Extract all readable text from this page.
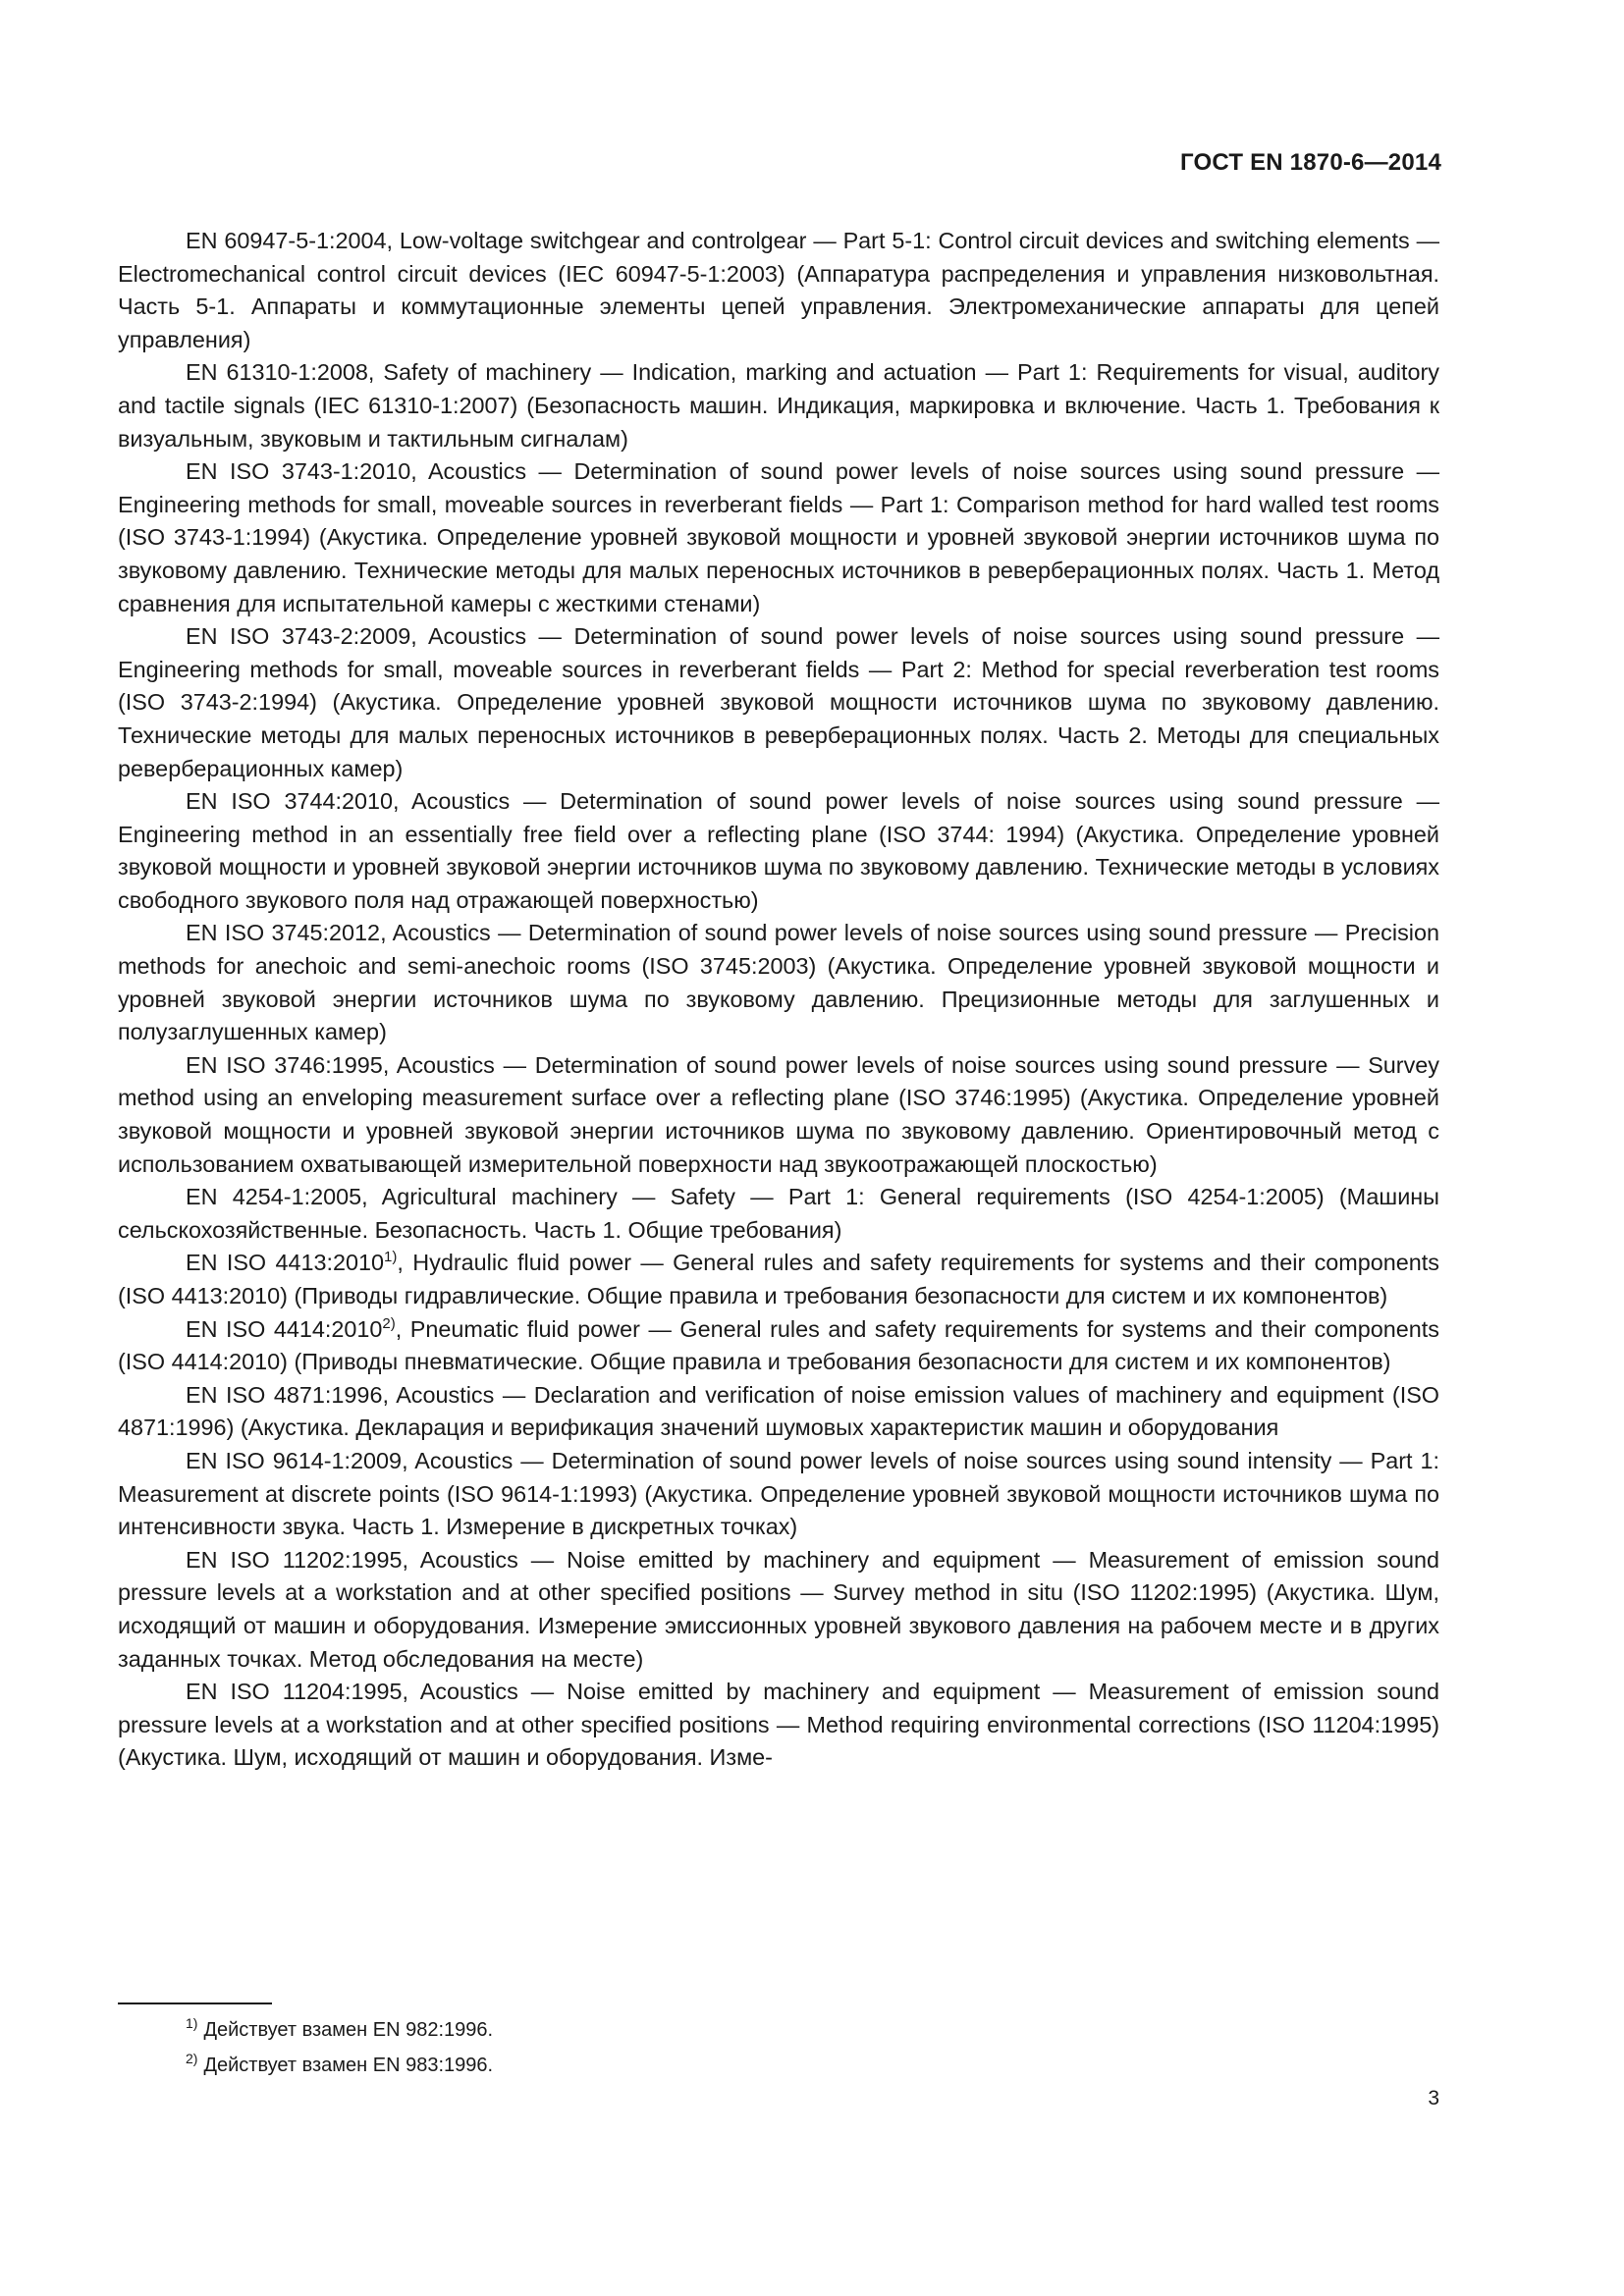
ГОСТ EN 1870-6—2014

EN 60947-5-1:2004, Low-voltage switchgear and controlgear — Part 5-1: Control circuit devices and switching elements — Electromechanical control circuit devices (IEC 60947-5-1:2003) (Аппаратура распределения и управления низковольтная. Часть 5-1. Аппараты и коммутационные элементы цепей управления. Электромеханические аппараты для цепей управления)

EN 61310-1:2008, Safety of machinery — Indication, marking and actuation — Part 1: Requirements for visual, auditory and tactile signals (IEC 61310-1:2007) (Безопасность машин. Индикация, маркировка и включение. Часть 1. Требования к визуальным, звуковым и тактильным сигналам)

EN ISO 3743-1:2010, Acoustics — Determination of sound power levels of noise sources using sound pressure — Engineering methods for small, moveable sources in reverberant fields — Part 1: Comparison method for hard walled test rooms (ISO 3743-1:1994) (Акустика. Определение уровней звуковой мощности и уровней звуковой энергии источников шума по звуковому давлению. Технические методы для малых переносных источников в реверберационных полях. Часть 1. Метод сравнения для испытательной камеры с жесткими стенами)

EN ISO 3743-2:2009, Acoustics — Determination of sound power levels of noise sources using sound pressure — Engineering methods for small, moveable sources in reverberant fields — Part 2: Method for special reverberation test rooms (ISO 3743-2:1994) (Акустика. Определение уровней звуковой мощности источников шума по звуковому давлению. Технические методы для малых переносных источников в реверберационных полях. Часть 2. Методы для специальных реверберационных камер)

EN ISO 3744:2010, Acoustics — Determination of sound power levels of noise sources using sound pressure — Engineering method in an essentially free field over a reflecting plane (ISO 3744: 1994) (Акустика. Определение уровней звуковой мощности и уровней звуковой энергии источников шума по звуковому давлению. Технические методы в условиях свободного звукового поля над отражающей поверхностью)

EN ISO 3745:2012, Acoustics — Determination of sound power levels of noise sources using sound pressure — Precision methods for anechoic and semi-anechoic rooms (ISO 3745:2003) (Акустика. Определение уровней звуковой мощности и уровней звуковой энергии источников шума по звуковому давлению. Прецизионные методы для заглушенных и полузаглушенных камер)

EN ISO 3746:1995, Acoustics — Determination of sound power levels of noise sources using sound pressure — Survey method using an enveloping measurement surface over a reflecting plane (ISO 3746:1995) (Акустика. Определение уровней звуковой мощности и уровней звуковой энергии источников шума по звуковому давлению. Ориентировочный метод с использованием охватывающей измерительной поверхности над звукоотражающей плоскостью)

EN 4254-1:2005, Agricultural machinery — Safety — Part 1: General requirements (ISO 4254-1:2005) (Машины сельскохозяйственные. Безопасность. Часть 1. Общие требования)

EN ISO 4413:2010$^{1)}$, Hydraulic fluid power — General rules and safety requirements for systems and their components (ISO 4413:2010) (Приводы гидравлические. Общие правила и требования безопасности для систем и их компонентов)

EN ISO 4414:2010$^{2)}$, Pneumatic fluid power — General rules and safety requirements for systems and their components (ISO 4414:2010) (Приводы пневматические. Общие правила и требования безопасности для систем и их компонентов)

EN ISO 4871:1996, Acoustics — Declaration and verification of noise emission values of machinery and equipment (ISO 4871:1996) (Акустика. Декларация и верификация значений шумовых характеристик машин и оборудования

EN ISO 9614-1:2009, Acoustics — Determination of sound power levels of noise sources using sound intensity — Part 1: Measurement at discrete points (ISO 9614-1:1993) (Акустика. Определение уровней звуковой мощности источников шума по интенсивности звука. Часть 1. Измерение в дискретных точках)

EN ISO 11202:1995, Acoustics — Noise emitted by machinery and equipment — Measurement of emission sound pressure levels at a workstation and at other specified positions — Survey method in situ (ISO 11202:1995) (Акустика. Шум, исходящий от машин и оборудования. Измерение эмиссионных уровней звукового давления на рабочем месте и в других заданных точках. Метод обследования на месте)

EN ISO 11204:1995, Acoustics — Noise emitted by machinery and equipment — Measurement of emission sound pressure levels at a workstation and at other specified positions — Method requiring environmental corrections (ISO 11204:1995) (Акустика. Шум, исходящий от машин и оборудования. Изме-

$^{1)}$ Действует взамен EN 982:1996.

$^{2)}$ Действует взамен EN 983:1996.

3
